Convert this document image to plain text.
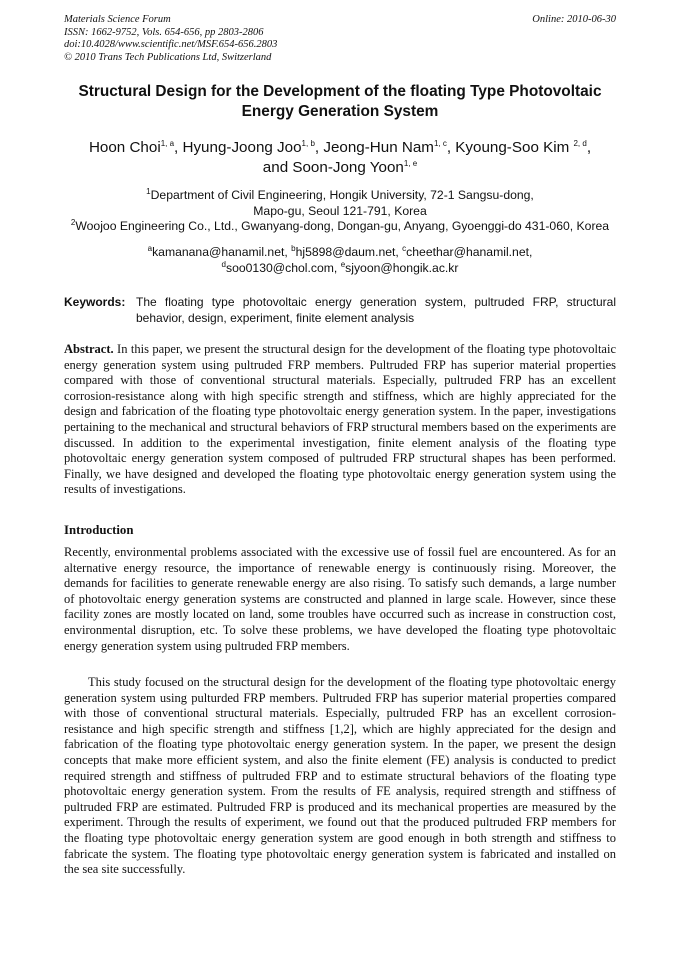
Materials Science Forum
ISSN: 1662-9752, Vols. 654-656, pp 2803-2806
doi:10.4028/www.scientific.net/MSF.654-656.2803
© 2010 Trans Tech Publications Ltd, Switzerland
Online: 2010-06-30
Structural Design for the Development of the floating Type Photovoltaic Energy Generation System
Hoon Choi$^{1, a}$, Hyung-Joong Joo$^{1, b}$, Jeong-Hun Nam$^{1, c}$, Kyoung-Soo Kim $^{2, d}$,
and Soon-Jong Yoon$^{1, e}$
$^1$Department of Civil Engineering, Hongik University, 72-1 Sangsu-dong,
Mapo-gu, Seoul 121-791, Korea
$^2$Woojoo Engineering Co., Ltd., Gwanyang-dong, Dongan-gu, Anyang, Gyoenggi-do 431-060, Korea
$^a$kamanana@hanamil.net, $^b$hj5898@daum.net, $^c$cheethar@hanamil.net,
$^d$soo0130@chol.com, $^e$sjyoon@hongik.ac.kr
Keywords: The floating type photovoltaic energy generation system, pultruded FRP, structural behavior, design, experiment, finite element analysis

Abstract. In this paper, we present the structural design for the development of the floating type photovoltaic energy generation system using pultruded FRP members. Pultruded FRP has superior material properties compared with those of conventional structural materials. Especially, pultruded FRP has an excellent corrosion-resistance along with high specific strength and stiffness, which are highly appreciated for the design and fabrication of the floating type photovoltaic energy generation system. In the paper, investigations pertaining to the mechanical and structural behaviors of FRP structural members based on the experiments are discussed. In addition to the experimental investigation, finite element analysis of the floating type photovoltaic energy generation system composed of pultruded FRP structural shapes has been performed. Finally, we have designed and developed the floating type photovoltaic energy generation system using the results of investigations.

Introduction

Recently, environmental problems associated with the excessive use of fossil fuel are encountered. As for an alternative energy resource, the importance of renewable energy is continuously rising. Moreover, the demands for facilities to generate renewable energy are also rising. To satisfy such demands, a large number of photovoltaic energy generation systems are constructed and planned in large scale. However, since these facility zones are mostly located on land, some troubles have occurred such as increase in construction cost, environmental disruption, etc. To solve these problems, we have developed the floating type photovoltaic energy generation system using pultruded FRP members.

This study focused on the structural design for the development of the floating type photovoltaic energy generation system using pulturded FRP members. Pultruded FRP has superior material properties compared with those of conventional structural materials. Especially, pultruded FRP has an excellent corrosion-resistance and high specific strength and stiffness [1,2], which are highly appreciated for the design and fabrication of the floating type photovoltaic energy generation system. In the paper, we present the design concepts that make more efficient system, and also the finite element (FE) analysis is conducted to predict required strength and stiffness of pultruded FRP and to estimate structural behaviors of the floating type photovoltaic energy generation system. From the results of FE analysis, required strength and stiffness of pultruded FRP are estimated. Pultruded FRP is produced and its mechanical properties are measured by the experiment. Through the results of experiment, we found out that the produced pultruded FRP members for the floating type photovoltaic energy generation system are good enough in both strength and stiffness to fabricate the system. The floating type photovoltaic energy generation system is fabricated and installed on the sea site successfully.
